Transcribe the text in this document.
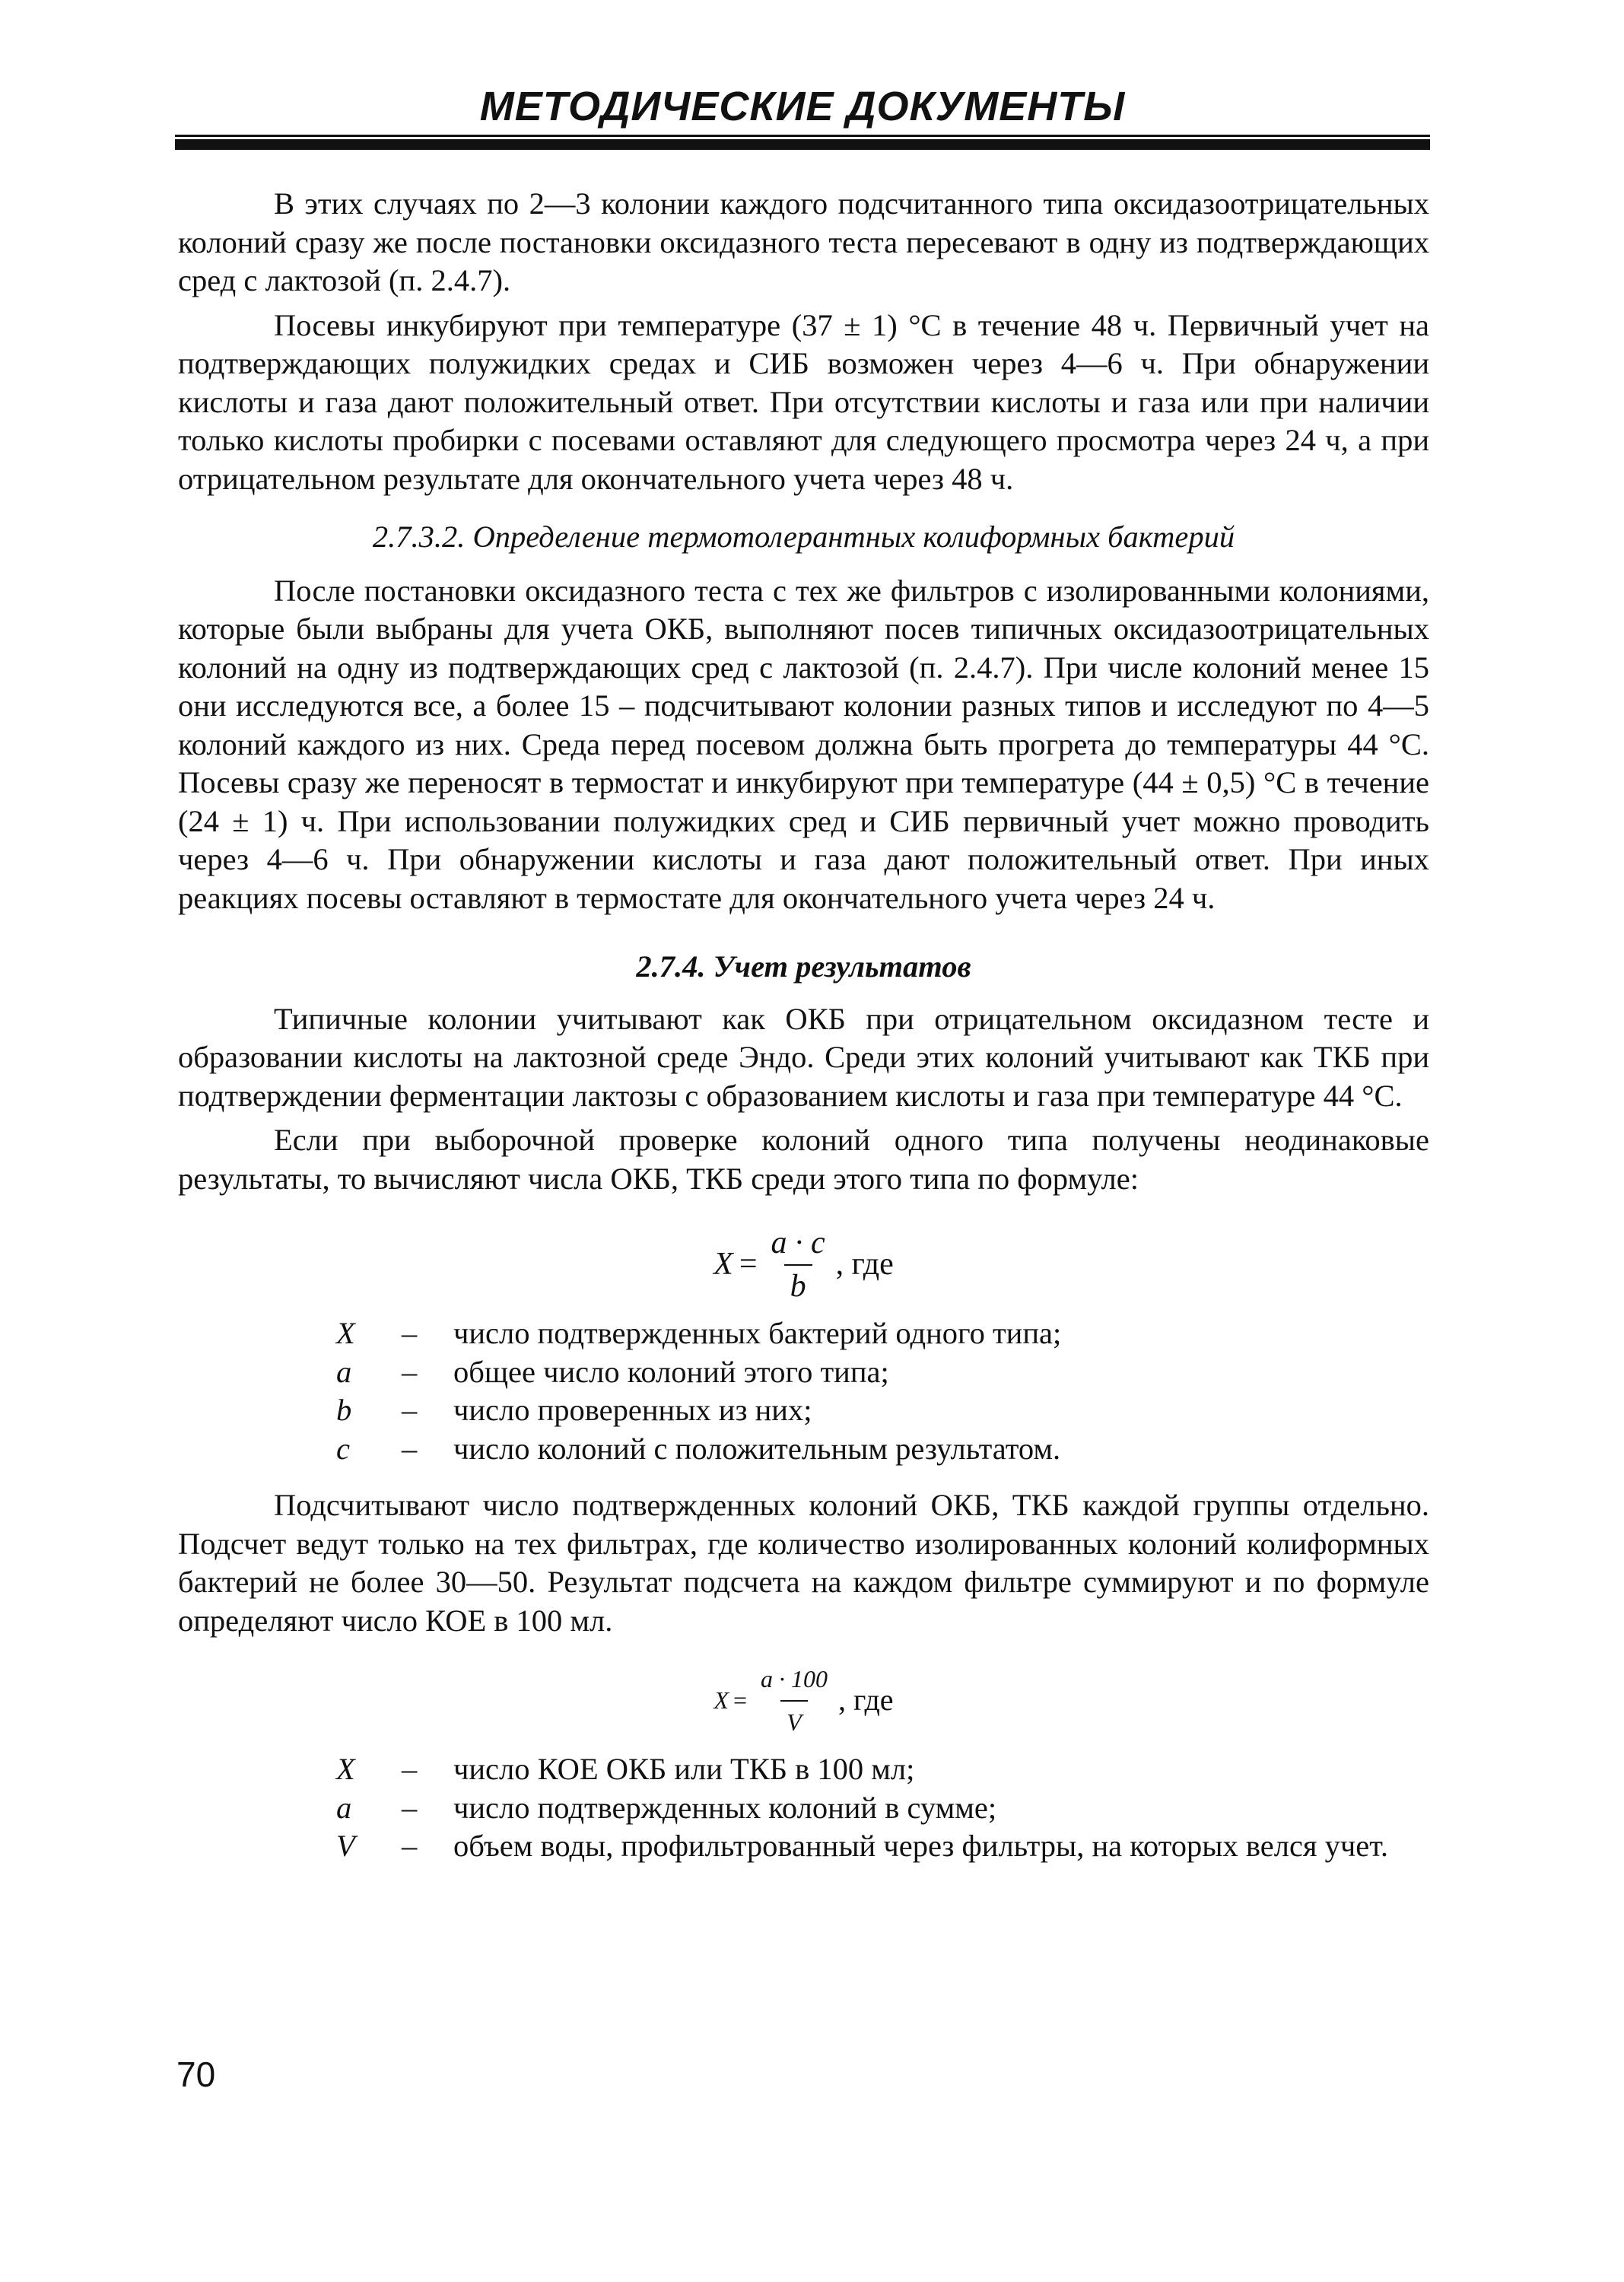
МЕТОДИЧЕСКИЕ ДОКУМЕНТЫ

В этих случаях по 2—3 колонии каждого подсчитанного типа оксидазоотрицательных колоний сразу же после постановки оксидазного теста пересевают в одну из подтверждающих сред с лактозой (п. 2.4.7).

Посевы инкубируют при температуре (37 ± 1) °С в течение 48 ч. Первичный учет на подтверждающих полужидких средах и СИБ возможен через 4—6 ч. При обнаружении кислоты и газа дают положительный ответ. При отсутствии кислоты и газа или при наличии только кислоты пробирки с посевами оставляют для следующего просмотра через 24 ч, а при отрицательном результате для окончательного учета через 48 ч.

2.7.3.2. Определение термотолерантных колиформных бактерий

После постановки оксидазного теста с тех же фильтров с изолированными колониями, которые были выбраны для учета ОКБ, выполняют посев типичных оксидазоотрицательных колоний на одну из подтверждающих сред с лактозой (п. 2.4.7). При числе колоний менее 15 они исследуются все, а более 15 – подсчитывают колонии разных типов и исследуют по 4—5 колоний каждого из них. Среда перед посевом должна быть прогрета до температуры 44 °С. Посевы сразу же переносят в термостат и инкубируют при температуре (44 ± 0,5) °С в течение (24 ± 1) ч. При использовании полужидких сред и СИБ первичный учет можно проводить через 4—6 ч. При обнаружении кислоты и газа дают положительный ответ. При иных реакциях посевы оставляют в термостате для окончательного учета через 24 ч.

2.7.4. Учет результатов

Типичные колонии учитывают как ОКБ при отрицательном оксидазном тесте и образовании кислоты на лактозной среде Эндо. Среди этих колоний учитывают как ТКБ при подтверждении ферментации лактозы с образованием кислоты и газа при температуре 44 °С.

Если при выборочной проверке колоний одного типа получены неодинаковые результаты, то вычисляют числа ОКБ, ТКБ среди этого типа по формуле:

$X = \frac{a \cdot c}{b}$ , где
X	–	число подтвержденных бактерий одного типа;
a	–	общее число колоний этого типа;
b	–	число проверенных из них;
c	–	число колоний с положительным результатом.

Подсчитывают число подтвержденных колоний ОКБ, ТКБ каждой группы отдельно. Подсчет ведут только на тех фильтрах, где количество изолированных колоний колиформных бактерий не более 30—50. Результат подсчета на каждом фильтре суммируют и по формуле определяют число КОЕ в 100 мл.

$X = \frac{a \cdot 100}{V}$ , где
X	–	число КОЕ ОКБ или ТКБ в 100 мл;
a	–	число подтвержденных колоний в сумме;
V	–	объем воды, профильтрованный через фильтры, на которых велся учет.
70
